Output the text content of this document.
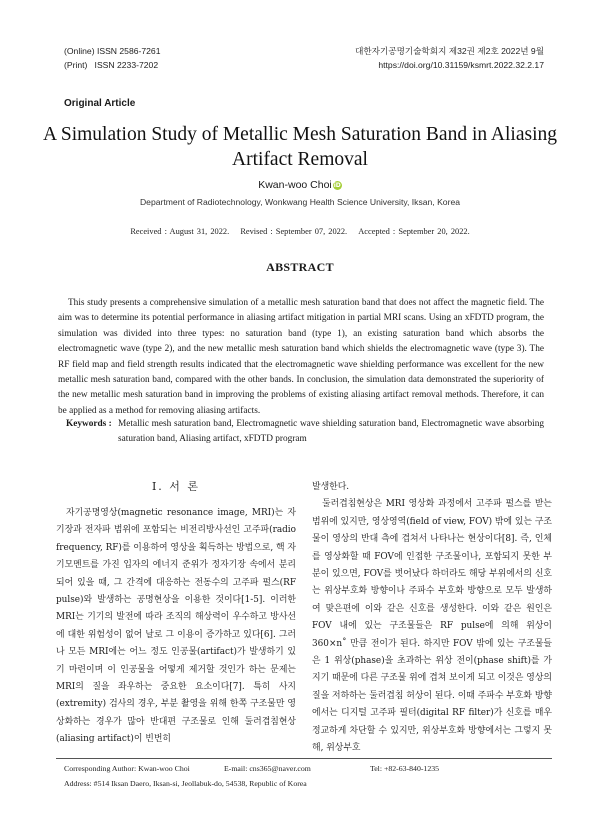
(Online) ISSN 2586-7261
(Print)   ISSN 2233-7202
대한자기공명기술학회지 제32권 제2호 2022년 9월
https://doi.org/10.31159/ksmrt.2022.32.2.17
Original Article
A Simulation Study of Metallic Mesh Saturation Band in Aliasing Artifact Removal
Kwan-woo Choi iD
Department of Radiotechnology, Wonkwang Health Science University, Iksan, Korea
Received : August 31, 2022. Revised : September 07, 2022. Accepted : September 20, 2022.
ABSTRACT
This study presents a comprehensive simulation of a metallic mesh saturation band that does not affect the magnetic field. The aim was to determine its potential performance in aliasing artifact mitigation in partial MRI scans. Using an xFDTD program, the simulation was divided into three types: no saturation band (type 1), an existing saturation band which absorbs the electromagnetic wave (type 2), and the new metallic mesh saturation band which shields the electromagnetic wave (type 3). The RF field map and field strength results indicated that the electromagnetic wave shielding performance was excellent for the new metallic mesh saturation band, compared with the other bands. In conclusion, the simulation data demonstrated the superiority of the new metallic mesh saturation band in improving the problems of existing aliasing artifact removal methods. Therefore, it can be applied as a method for removing aliasing artifacts.
Keywords : Metallic mesh saturation band, Electromagnetic wave shielding saturation band, Electromagnetic wave absorbing saturation band, Aliasing artifact, xFDTD program
Ⅰ. 서 론

자기공명영상(magnetic resonance image, MRI)는 자기장과 전자파 범위에 포함되는 비전리방사선인 고주파(radio frequency, RF)를 이용하여 영상을 획득하는 방법으로, 핵 자기모멘트를 가진 입자의 에너지 준위가 정자기장 속에서 분리되어 있을 때, 그 간격에 대응하는 전동수의 고주파 펄스(RF pulse)와 발생하는 공명현상을 이용한 것이다[1-5]. 이러한 MRI는 기기의 발전에 따라 조직의 해상력이 우수하고 방사선에 대한 위험성이 없어 날로 그 이용이 증가하고 있다[6]. 그러나 모든 MRI에는 어느 정도 인공물(artifact)가 발생하기 있기 마련이며 이 인공물을 어떻게 제거할 것인가 하는 문제는 MRI의 질을 좌우하는 중요한 요소이다[7]. 특히 사지(extremity) 검사의 경우, 부분 촬영을 위해 한쪽 구조물만 영상화하는 경우가 많아 반대편 구조물로 인해 둘러겹침현상(aliasing artifact)이 빈번히

발생한다.

둘러겹침현상은 MRI 영상화 과정에서 고주파 펄스를 받는 범위에 있지만, 영상영역(field of view, FOV) 밖에 있는 구조물이 영상의 반대 측에 겹쳐서 나타나는 현상이다[8]. 즉, 인체를 영상화할 때 FOV에 인접한 구조물이나, 포함되지 못한 부분이 있으면, FOV를 벗어났다 하더라도 해당 부위에서의 신호는 위상부호화 방향이나 주파수 부호화 방향으로 모두 발생하여 맞은편에 이와 같은 신호를 생성한다. 이와 같은 원인은 FOV 내에 있는 구조물들은 RF pulse에 의해 위상이 360×n˚ 만큼 전이가 된다. 하지만 FOV 밖에 있는 구조물들은 1 위상(phase)을 초과하는 위상 전이(phase shift)를 가지기 때문에 다른 구조물 위에 겹쳐 보이게 되고 이것은 영상의 질을 저하하는 둘러겹침 허상이 된다. 이때 주파수 부호화 방향에서는 디지털 고주파 필터(digital RF filter)가 신호를 매우 정교하게 차단할 수 있지만, 위상부호화 방향에서는 그렇지 못해, 위상부호

Corresponding Author: Kwan-woo Choi	E-mail: cns365@naver.com	Tel: +82-63-840-1235
Address: #514 Iksan Daero, Iksan-si, Jeollabuk-do, 54538, Republic of Korea
